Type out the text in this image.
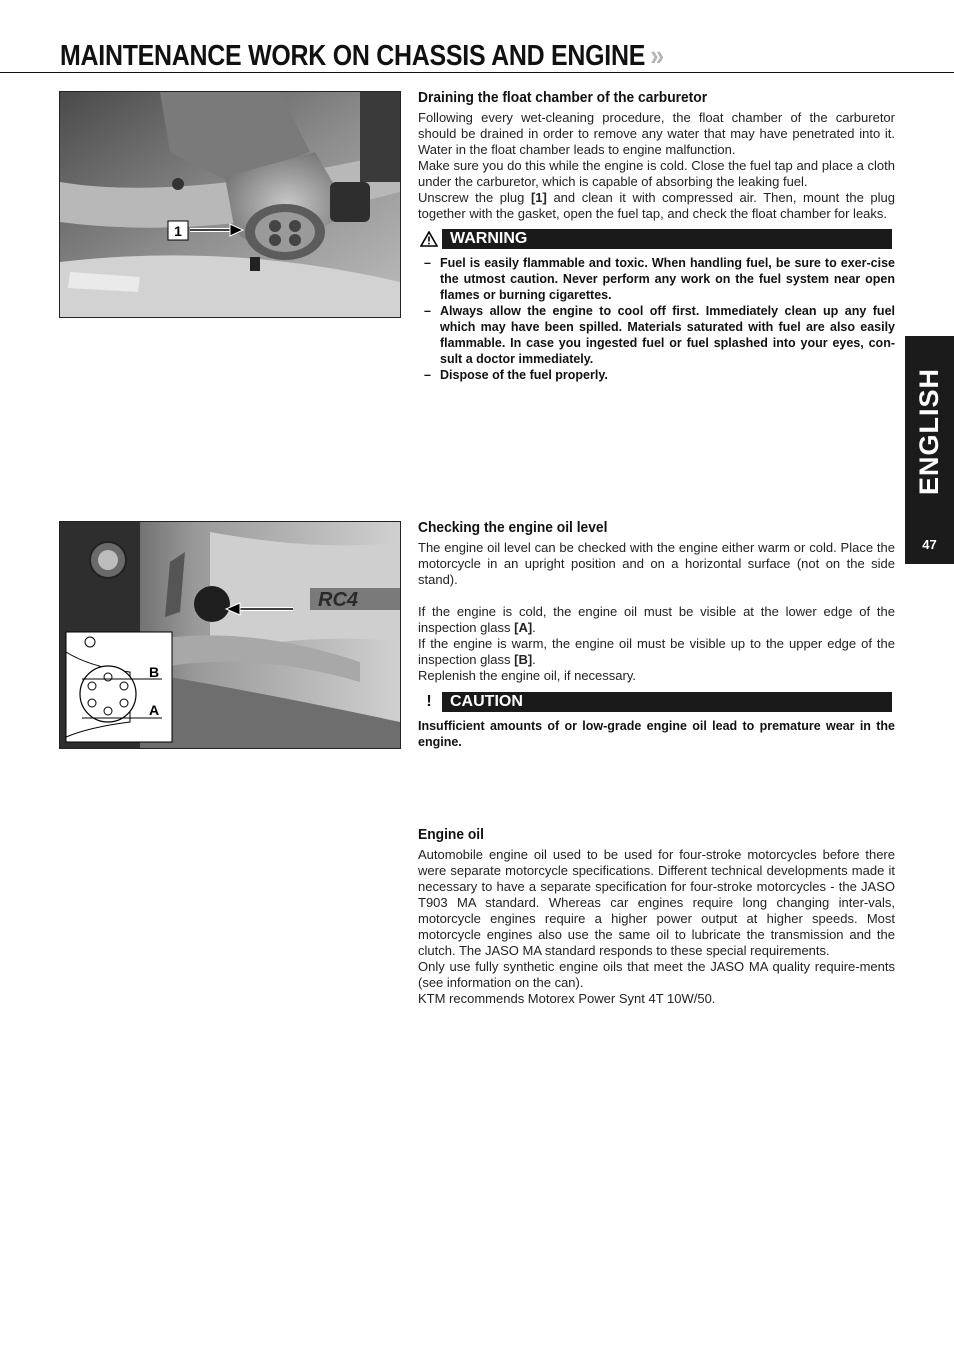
MAINTENANCE WORK ON CHASSIS AND ENGINE »
ENGLISH
47
1
RC4
B
A
Draining the float chamber of the carburetor

Following every wet-cleaning procedure, the float chamber of the carburetor should be drained in order to remove any water that may have penetrated into it. Water in the float chamber leads to engine malfunction.

Make sure you do this while the engine is cold. Close the fuel tap and place a cloth under the carburetor, which is capable of absorbing the leaking fuel.

Unscrew the plug [1] and clean it with compressed air. Then, mount the plug together with the gasket, open the fuel tap, and check the float chamber for leaks.

WARNING
– Fuel is easily flammable and toxic. When handling fuel, be sure to exer-cise the utmost caution. Never perform any work on the fuel system near open flames or burning cigarettes.
– Always allow the engine to cool off first. Immediately clean up any fuel which may have been spilled. Materials saturated with fuel are also easily flammable. In case you ingested fuel or fuel splashed into your eyes, con-sult a doctor immediately.
– Dispose of the fuel properly.
Checking the engine oil level

The engine oil level can be checked with the engine either warm or cold. Place the motorcycle in an upright position and on a horizontal surface (not on the side stand).

If the engine is cold, the engine oil must be visible at the lower edge of the inspection glass [A].

If the engine is warm, the engine oil must be visible up to the upper edge of the inspection glass [B].

Replenish the engine oil, if necessary.

!	CAUTION

Insufficient amounts of or low-grade engine oil lead to premature wear in the engine.

Engine oil

Automobile engine oil used to be used for four-stroke motorcycles before there were separate motorcycle specifications. Different technical developments made it necessary to have a separate specification for four-stroke motorcycles - the JASO T903 MA standard. Whereas car engines require long changing inter-vals, motorcycle engines require a higher power output at higher speeds. Most motorcycle engines also use the same oil to lubricate the transmission and the clutch. The JASO MA standard responds to these special requirements.

Only use fully synthetic engine oils that meet the JASO MA quality require-ments (see information on the can).

KTM recommends Motorex Power Synt 4T 10W/50.
